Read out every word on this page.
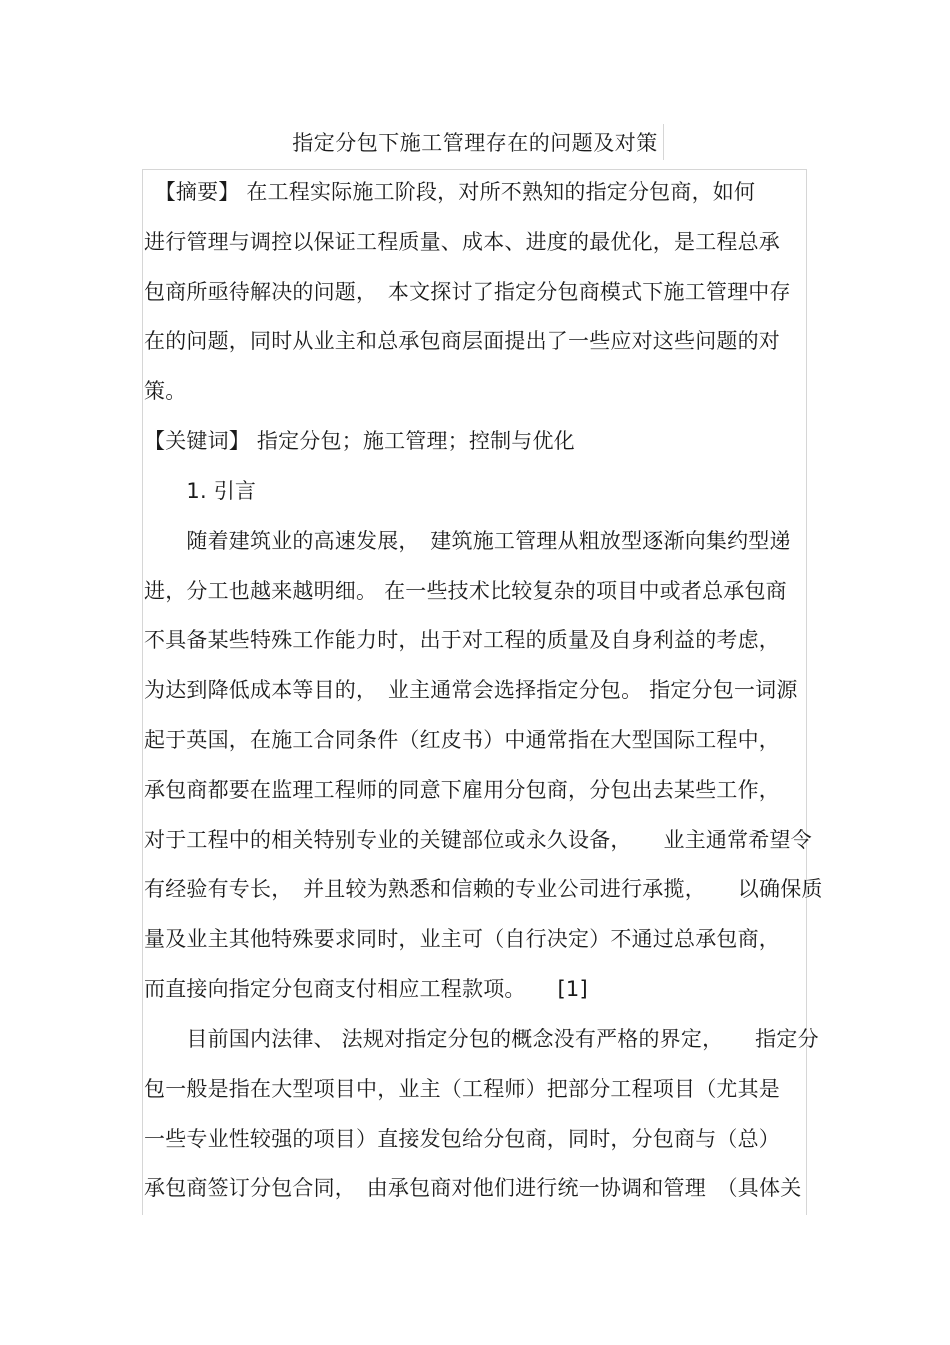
指定分包下施工管理存在的问题及对策
　【摘要】 在工程实际施工阶段，对所不熟知的指定分包商，如何
进行管理与调控以保证工程质量、成本、进度的最优化，是工程总承
包商所亟待解决的问题，　本文探讨了指定分包商模式下施工管理中存
在的问题，同时从业主和总承包商层面提出了一些应对这些问题的对
策。
【关键词】 指定分包；施工管理；控制与优化
　　1. 引言
　　随着建筑业的高速发展，　建筑施工管理从粗放型逐渐向集约型递
进，分工也越来越明细。 在一些技术比较复杂的项目中或者总承包商
不具备某些特殊工作能力时，出于对工程的质量及自身利益的考虑，
为达到降低成本等目的，　业主通常会选择指定分包。 指定分包一词源
起于英国，在施工合同条件（红皮书）中通常指在大型国际工程中，
承包商都要在监理工程师的同意下雇用分包商，分包出去某些工作，
对于工程中的相关特别专业的关键部位或永久设备，　　业主通常希望令
有经验有专长，　并且较为熟悉和信赖的专业公司进行承揽，　　以确保质
量及业主其他特殊要求同时，业主可（自行决定）不通过总承包商，
而直接向指定分包商支付相应工程款项。　　[1]
　　目前国内法律、 法规对指定分包的概念没有严格的界定，　　指定分
包一般是指在大型项目中，业主（工程师）把部分工程项目（尤其是
一些专业性较强的项目）直接发包给分包商，同时，分包商与（总）
承包商签订分包合同，　由承包商对他们进行统一协调和管理　（具体关
